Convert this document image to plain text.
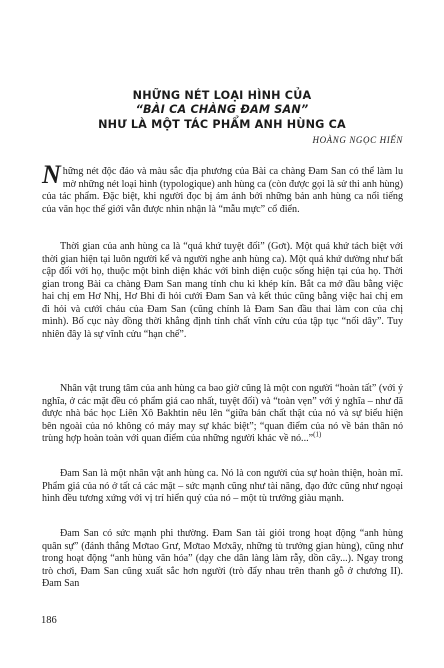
NHỮNG NÉT LOẠI HÌNH CỦA
“BÀI CA CHÀNG ĐAM SAN”
NHƯ LÀ MỘT TÁC PHẨM ANH HÙNG CA
HOÀNG NGỌC HIẾN
Những nét độc đáo và màu sắc địa phương của Bài ca chàng Đam San có thể làm lu mờ những nét loại hình (typologique) anh hùng ca (còn được gọi là sử thi anh hùng) của tác phẩm. Đặc biệt, khi người đọc bị ám ảnh bởi những bản anh hùng ca nổi tiếng của văn học thế giới vẫn được nhìn nhận là “mẫu mực” cổ điển.
Thời gian của anh hùng ca là “quá khứ tuyệt đối” (Gơt). Một quá khứ tách biệt với thời gian hiện tại luôn người kể và người nghe anh hùng ca). Một quá khứ dường như bất cập đối với họ, thuộc một bình diện khác với bình diện cuộc sống hiện tại của họ. Thời gian trong Bài ca chàng Đam San mang tính chu kì khép kín. Bắt ca mở đầu bằng việc hai chị em Hơ Nhị, Hơ Bhi đi hỏi cưới Đam San và kết thúc cũng bằng việc hai chị em đi hỏi và cưới cháu của Đam San (cũng chính là Đam San đầu thai làm con của chị mình). Bố cục này đồng thời khẳng định tính chất vĩnh cửu của tập tục “nối dây”. Tuy nhiên đây là sự vĩnh cửu “hạn chế”.
Nhân vật trung tâm của anh hùng ca bao giờ cũng là một con người “hoàn tất” (với ý nghĩa, ở các mặt đều có phẩm giá cao nhất, tuyệt đối) và “toàn vẹn” với ý nghĩa – như đã được nhà bác học Liên Xô Bakhtin nêu lên “giữa bản chất thật của nó và sự biểu hiện bên ngoài của nó không có mảy may sự khác biệt”; “quan điểm của nó về bản thân nó trùng hợp hoàn toàn với quan điểm của những người khác về nó...”$^{(1)}$
Đam San là một nhân vật anh hùng ca. Nó là con người của sự hoàn thiện, hoàn mĩ. Phẩm giá của nó ở tất cả các mặt – sức mạnh cũng như tài năng, đạo đức cũng như ngoại hình đều tương xứng với vị trí hiển quý của nó – một tù trưởng giàu mạnh.
Đam San có sức mạnh phi thường. Đam San tài giỏi trong hoạt động “anh hùng quân sự” (đánh thắng Mơtao Grư, Mơtao Mơxây, những tù trưởng gian hùng), cũng như trong hoạt động “anh hùng văn hóa” (dạy che dân làng làm rẫy, dồn cây...). Ngay trong trò chơi, Đam San cũng xuất sắc hơn người (trò đẩy nhau trên thanh gỗ ở chương II). Đam San
186
